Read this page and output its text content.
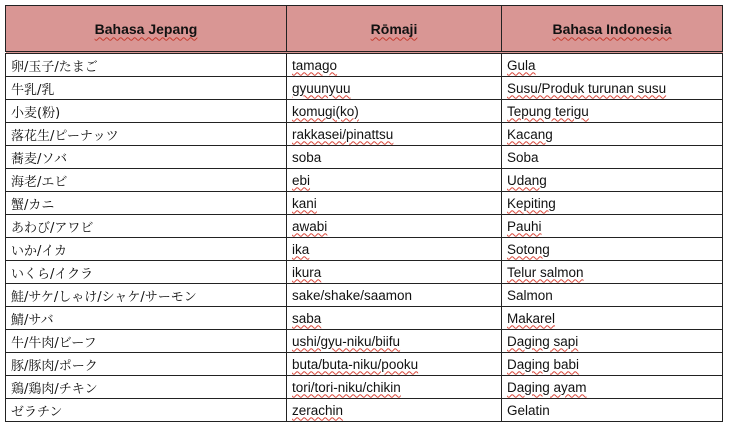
Bahasa Jepang	Rōmaji	Bahasa Indonesia
卵/玉子/たまご	tamago	Gula
牛乳/乳	gyuunyuu	Susu/Produk turunan susu
小麦(粉)	komugi(ko)	Tepung terigu
落花生/ピーナッツ	rakkasei/pinattsu	Kacang
蕎麦/ソバ	soba	Soba
海老/エビ	ebi	Udang
蟹/カニ	kani	Kepiting
あわび/アワビ	awabi	Pauhi
いか/イカ	ika	Sotong
いくら/イクラ	ikura	Telur salmon
鮭/サケ/しゃけ/シャケ/サーモン	sake/shake/saamon	Salmon
鯖/サバ	saba	Makarel
牛/牛肉/ビーフ	ushi/gyu-niku/biifu	Daging sapi
豚/豚肉/ポーク	buta/buta-niku/pooku	Daging babi
鶏/鶏肉/チキン	tori/tori-niku/chikin	Daging ayam
ゼラチン	zerachin	Gelatin
